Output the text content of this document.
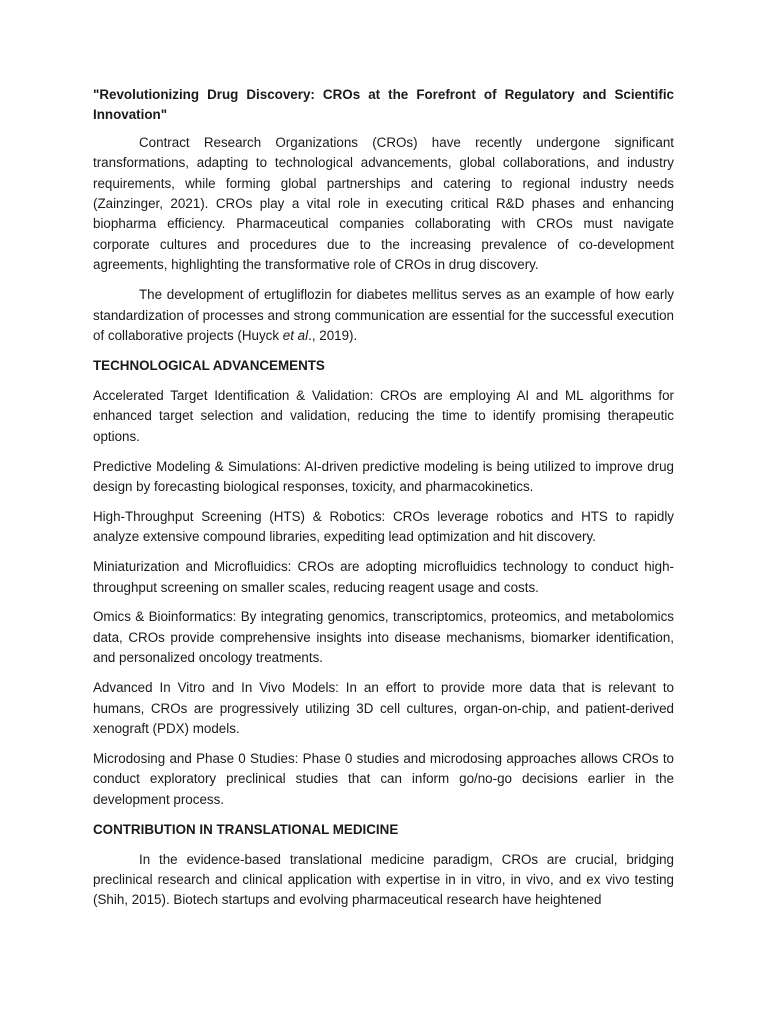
"Revolutionizing Drug Discovery: CROs at the Forefront of Regulatory and Scientific Innovation"

Contract Research Organizations (CROs) have recently undergone significant transformations, adapting to technological advancements, global collaborations, and industry requirements, while forming global partnerships and catering to regional industry needs (Zainzinger, 2021). CROs play a vital role in executing critical R&D phases and enhancing biopharma efficiency. Pharmaceutical companies collaborating with CROs must navigate corporate cultures and procedures due to the increasing prevalence of co-development agreements, highlighting the transformative role of CROs in drug discovery.

The development of ertugliflozin for diabetes mellitus serves as an example of how early standardization of processes and strong communication are essential for the successful execution of collaborative projects (Huyck et al., 2019).

TECHNOLOGICAL ADVANCEMENTS

Accelerated Target Identification & Validation: CROs are employing AI and ML algorithms for enhanced target selection and validation, reducing the time to identify promising therapeutic options.

Predictive Modeling & Simulations: AI-driven predictive modeling is being utilized to improve drug design by forecasting biological responses, toxicity, and pharmacokinetics.

High-Throughput Screening (HTS) & Robotics: CROs leverage robotics and HTS to rapidly analyze extensive compound libraries, expediting lead optimization and hit discovery.

Miniaturization and Microfluidics: CROs are adopting microfluidics technology to conduct high-throughput screening on smaller scales, reducing reagent usage and costs.

Omics & Bioinformatics: By integrating genomics, transcriptomics, proteomics, and metabolomics data, CROs provide comprehensive insights into disease mechanisms, biomarker identification, and personalized oncology treatments.

Advanced In Vitro and In Vivo Models: In an effort to provide more data that is relevant to humans, CROs are progressively utilizing 3D cell cultures, organ-on-chip, and patient-derived xenograft (PDX) models.

Microdosing and Phase 0 Studies: Phase 0 studies and microdosing approaches allows CROs to conduct exploratory preclinical studies that can inform go/no-go decisions earlier in the development process.

CONTRIBUTION IN TRANSLATIONAL MEDICINE

In the evidence-based translational medicine paradigm, CROs are crucial, bridging preclinical research and clinical application with expertise in in vitro, in vivo, and ex vivo testing (Shih, 2015). Biotech startups and evolving pharmaceutical research have heightened
